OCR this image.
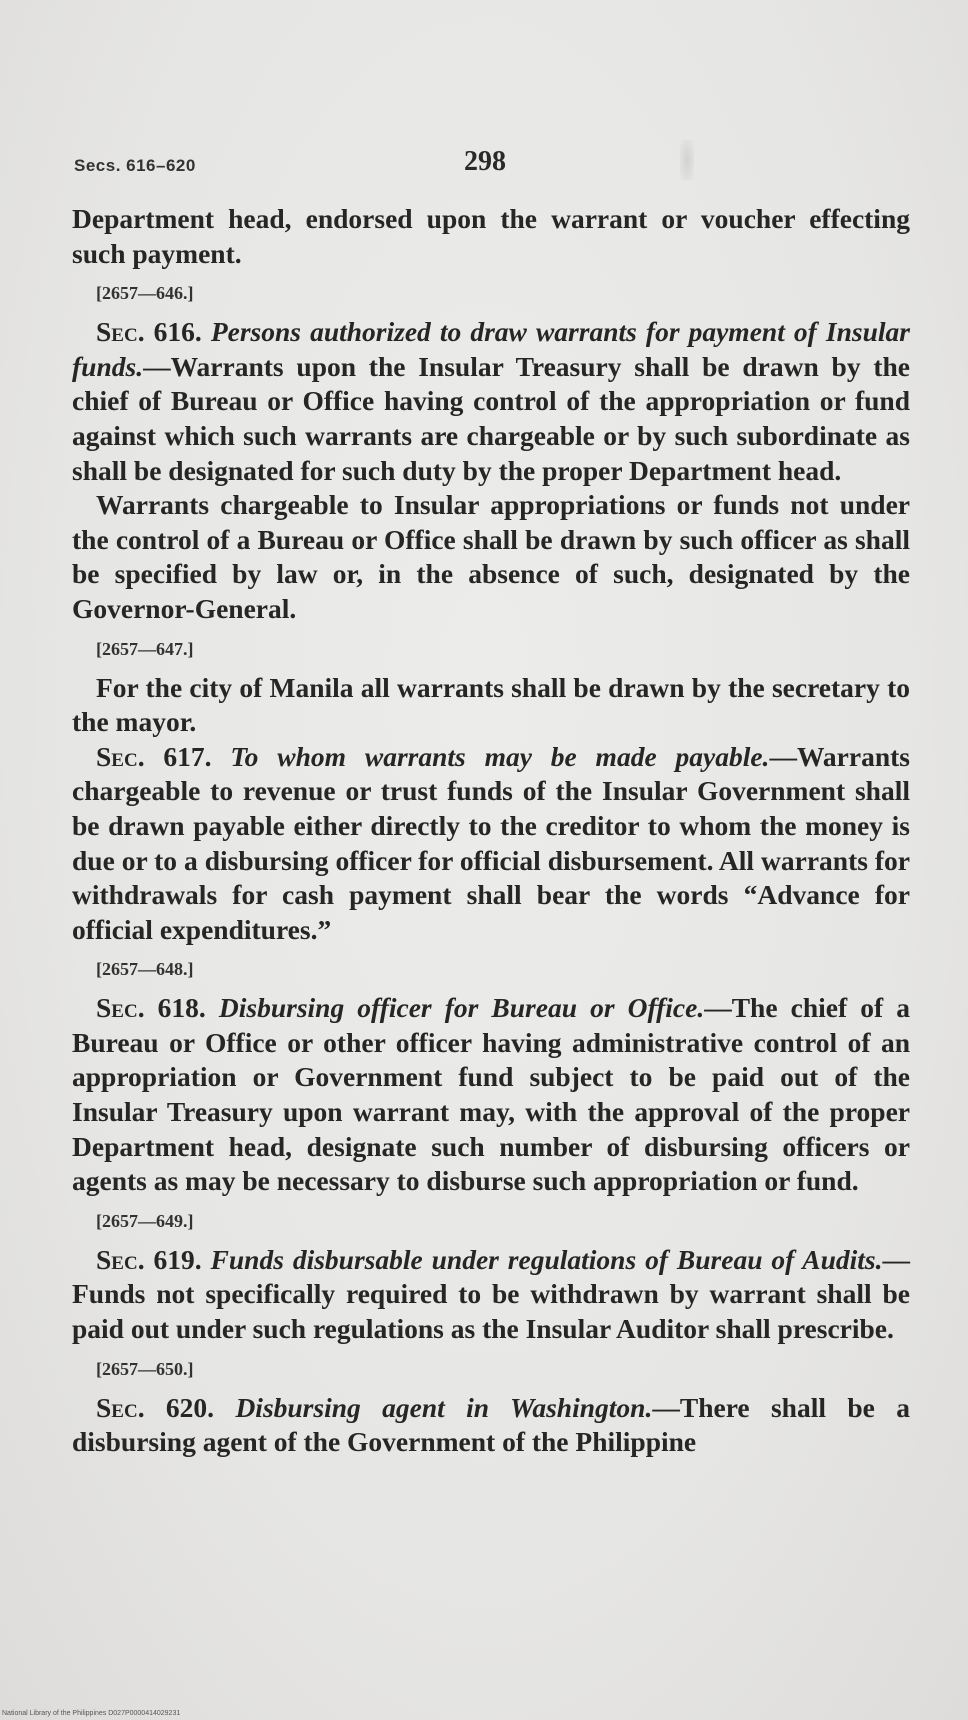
Secs. 616–620	298

Department head, endorsed upon the warrant or voucher effecting such payment.

[2657—646.]

Sec. 616. Persons authorized to draw warrants for payment of Insular funds.—Warrants upon the Insular Treasury shall be drawn by the chief of Bureau or Office having control of the appropriation or fund against which such warrants are chargeable or by such subordinate as shall be designated for such duty by the proper Department head.

Warrants chargeable to Insular appropriations or funds not under the control of a Bureau or Office shall be drawn by such officer as shall be specified by law or, in the absence of such, designated by the Governor-General.

[2657—647.]

For the city of Manila all warrants shall be drawn by the secretary to the mayor.

Sec. 617. To whom warrants may be made payable.—Warrants chargeable to revenue or trust funds of the Insular Government shall be drawn payable either directly to the creditor to whom the money is due or to a disbursing officer for official disbursement. All warrants for withdrawals for cash payment shall bear the words “Advance for official expenditures.”

[2657—648.]

Sec. 618. Disbursing officer for Bureau or Office.—The chief of a Bureau or Office or other officer having administrative control of an appropriation or Government fund subject to be paid out of the Insular Treasury upon warrant may, with the approval of the proper Department head, designate such number of disbursing officers or agents as may be necessary to disburse such appropriation or fund.

[2657—649.]

Sec. 619. Funds disbursable under regulations of Bureau of Audits.—Funds not specifically required to be withdrawn by warrant shall be paid out under such regulations as the Insular Auditor shall prescribe.

[2657—650.]

Sec. 620. Disbursing agent in Washington.—There shall be a disbursing agent of the Government of the Philippine

National Library of the Philippines D027P0000414029231
